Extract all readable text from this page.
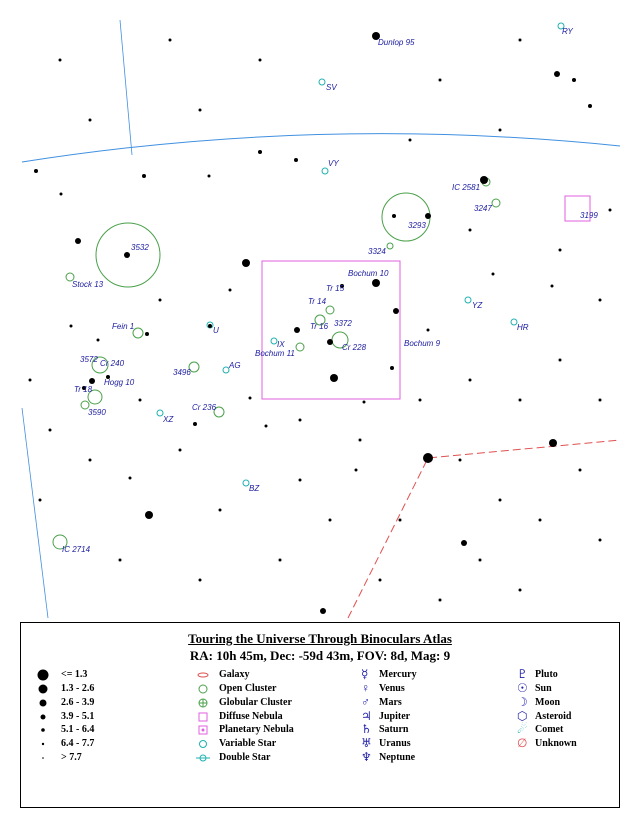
Dunlop 95
RY
SV
VY
IC 2581
3247
3199
3293
3532	3324
Stock 13
Bochum 10
Tr 15
Tr 14	YZ
HR
Fein 1	U	Tr 16 3372
Bochum 9
IX	Cr 228
Bochum 11
3572 Cr 240
3496
AG
Hogg 10
Tr 18
3590
XZ
Cr 236
BZ
IC 2714
Touring the Universe Through Binoculars Atlas
RA: 10h 45m, Dec: -59d 43m, FOV: 8d, Mag: 9
<= 1.3
1.3 - 2.6
2.6 - 3.9
3.9 - 5.1
5.1 - 6.4
6.4 - 7.7
> 7.7
Galaxy
Open Cluster
Globular Cluster
Diffuse Nebula
Planetary Nebula
Variable Star
Double Star
☿
♀
♂
♃
♄
♅
♆
Mercury
Venus
Mars
Jupiter
Saturn
Uranus
Neptune
♇
☉
☽
⬡
☄
∅
Pluto
Sun
Moon
Asteroid
Comet
Unknown
